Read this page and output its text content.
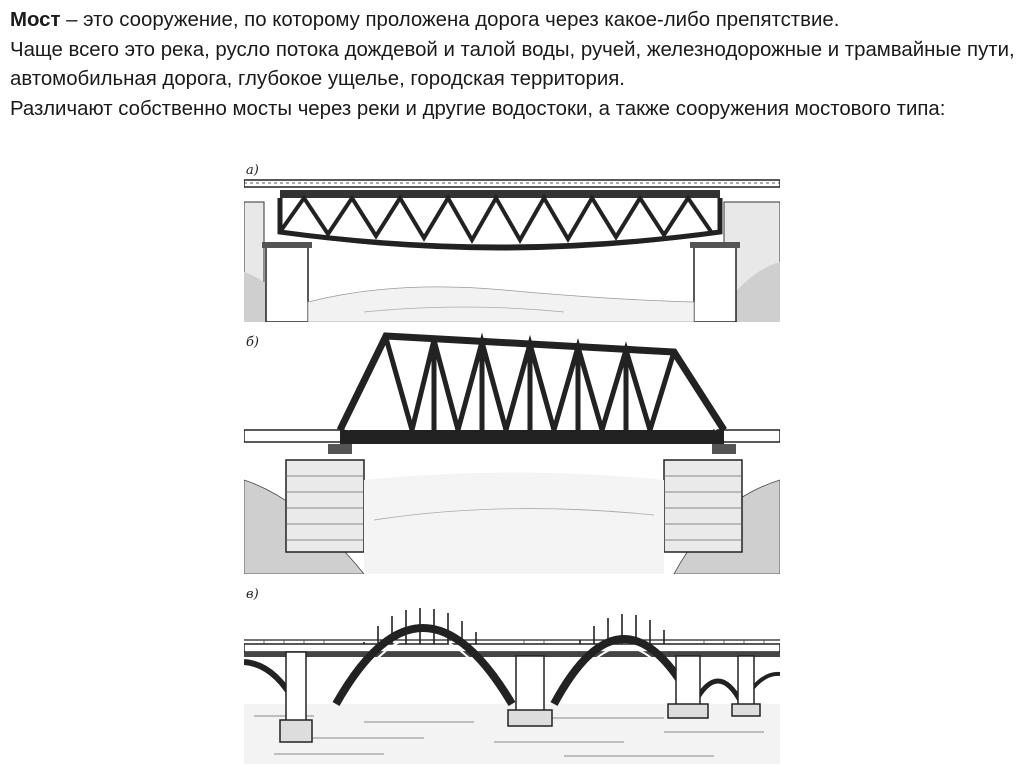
Мост – это сооружение, по которому проложена дорога через какое-либо препятствие.

Чаще всего это река, русло потока дождевой и талой воды, ручей, железнодорожные и трамвайные пути, автомобильная дорога, глубокое ущелье, городская территория.

Различают собственно мосты через реки и другие водостоки, а также сооружения мостового типа:

а)
б)
в)
